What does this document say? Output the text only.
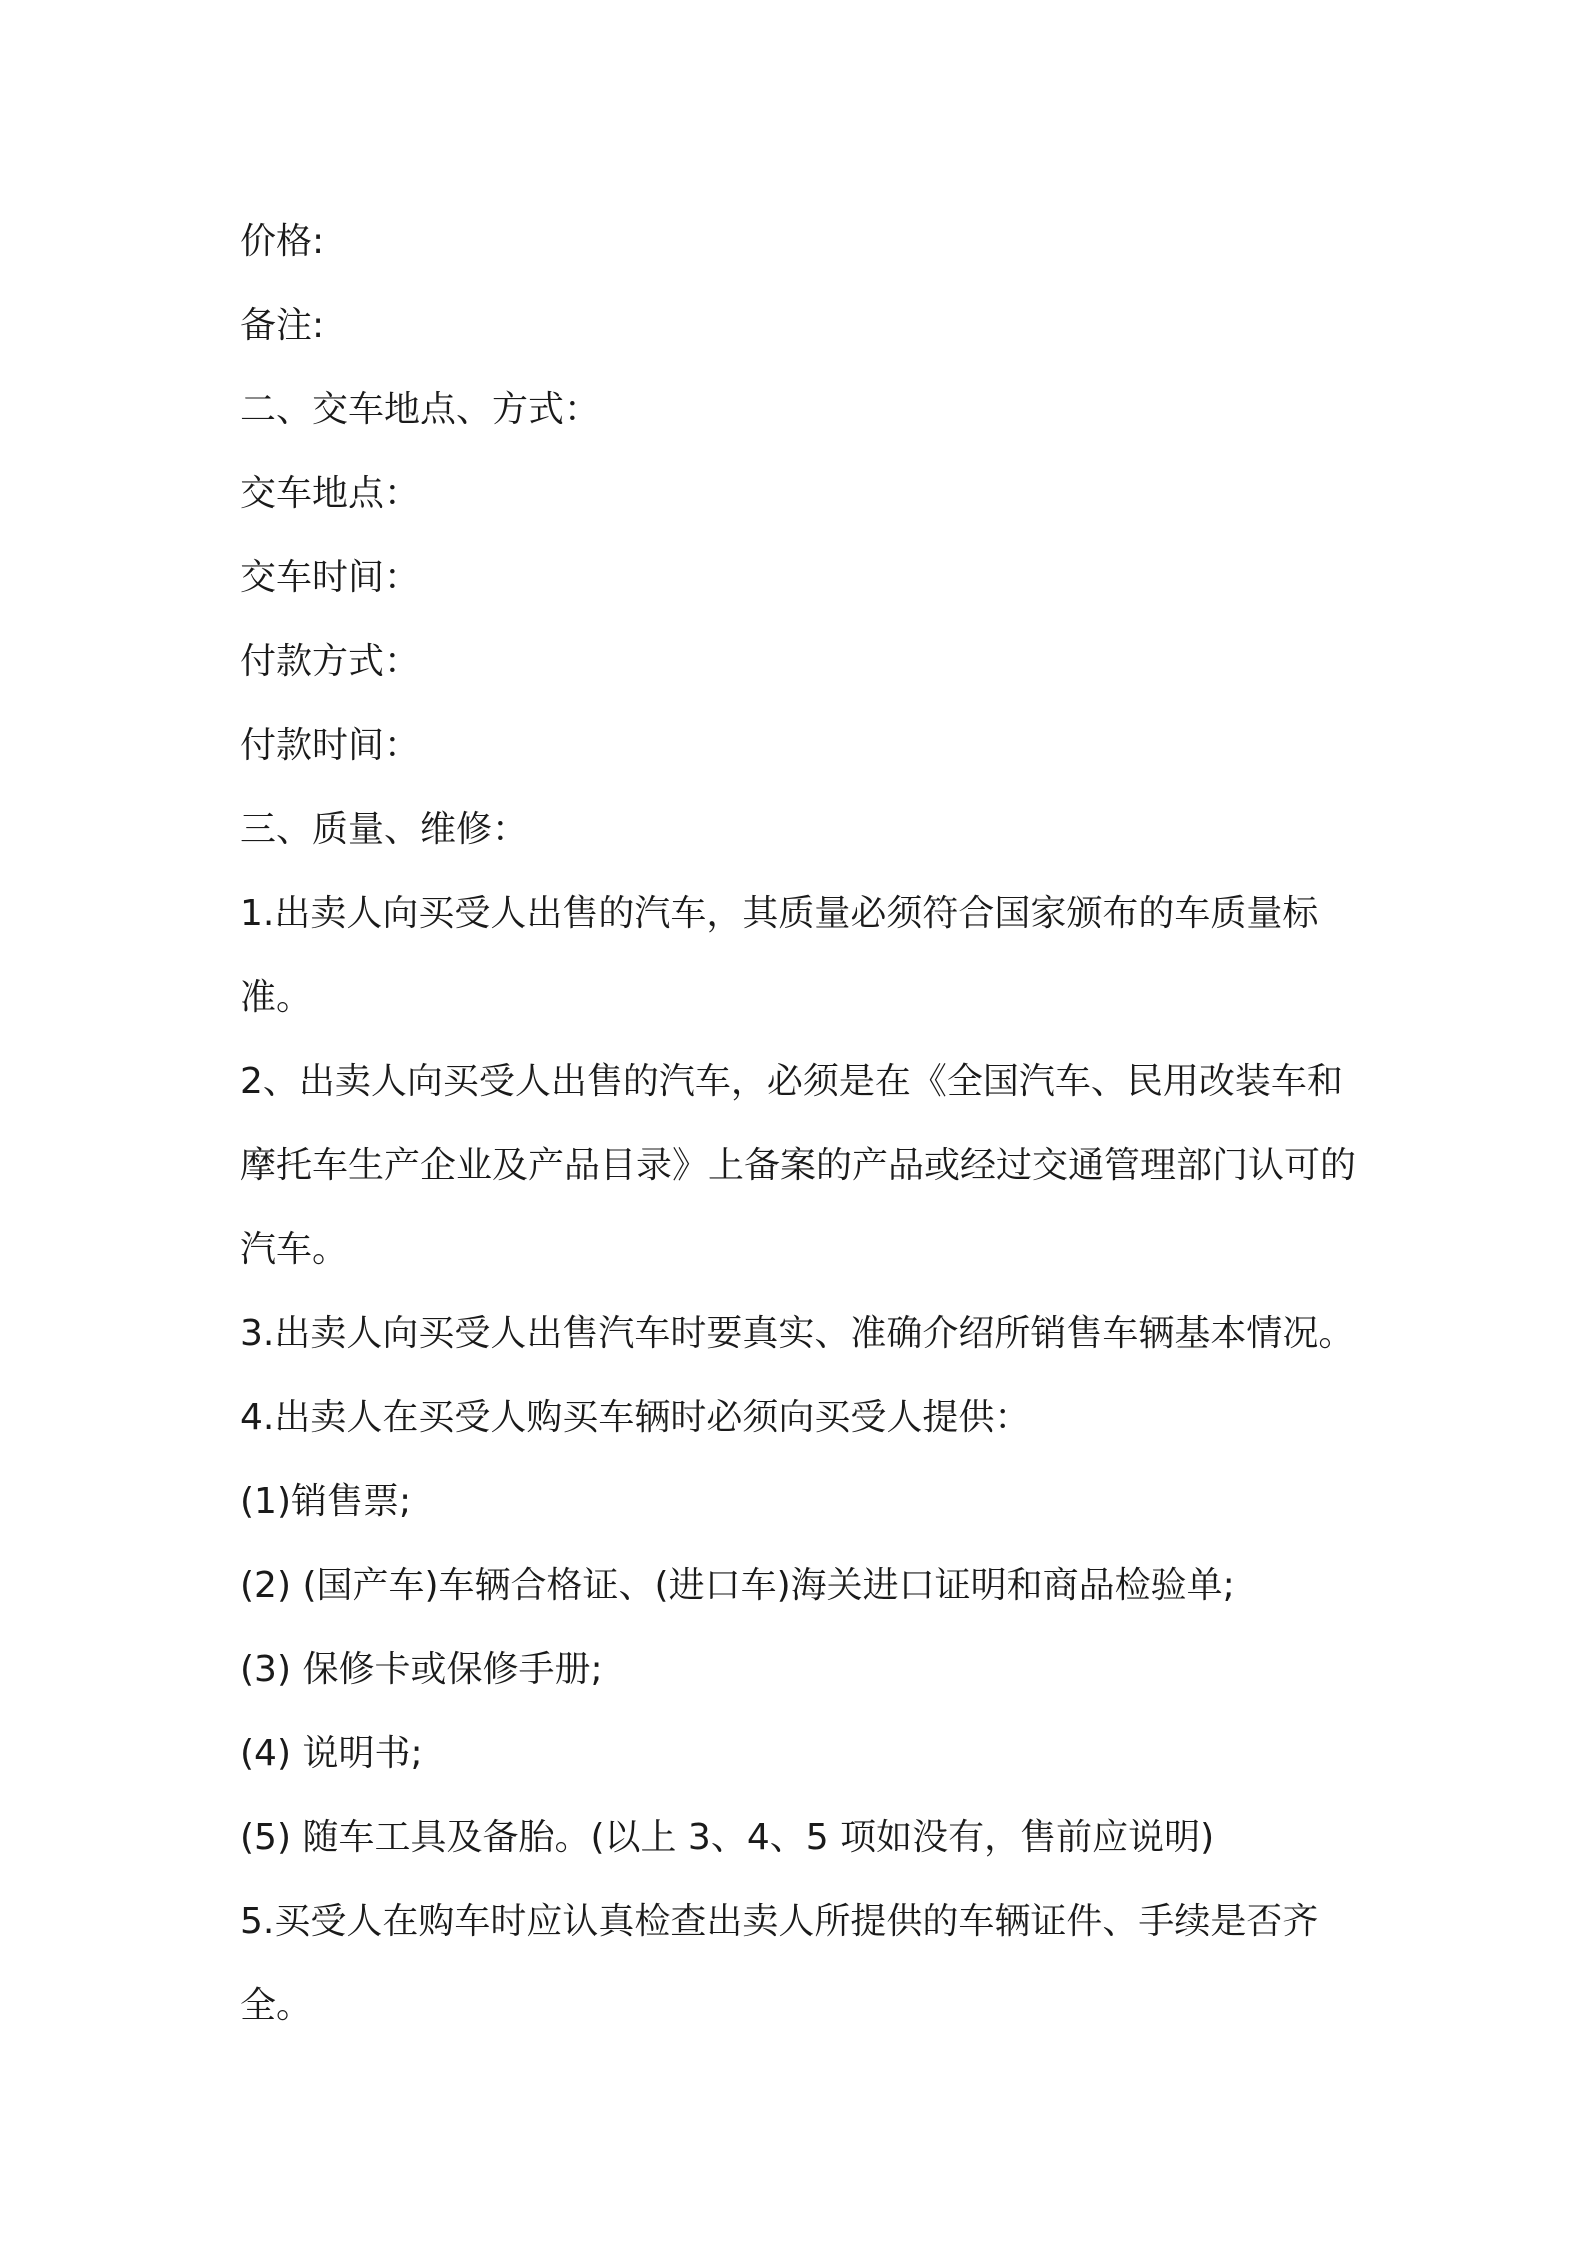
价格:

备注:

二、交车地点、方式：

交车地点：

交车时间：

付款方式：

付款时间：

三、质量、维修：

1.出卖人向买受人出售的汽车，其质量必须符合国家颁布的车质量标准。

2、出卖人向买受人出售的汽车，必须是在《全国汽车、民用改装车和摩托车生产企业及产品目录》上备案的产品或经过交通管理部门认可的汽车。

3.出卖人向买受人出售汽车时要真实、准确介绍所销售车辆基本情况。

4.出卖人在买受人购买车辆时必须向买受人提供：

(1)销售票;

(2) (国产车)车辆合格证、(进口车)海关进口证明和商品检验单;

(3) 保修卡或保修手册;

(4) 说明书;

(5) 随车工具及备胎。(以上 3、4、5 项如没有，售前应说明)

5.买受人在购车时应认真检查出卖人所提供的车辆证件、手续是否齐全。
